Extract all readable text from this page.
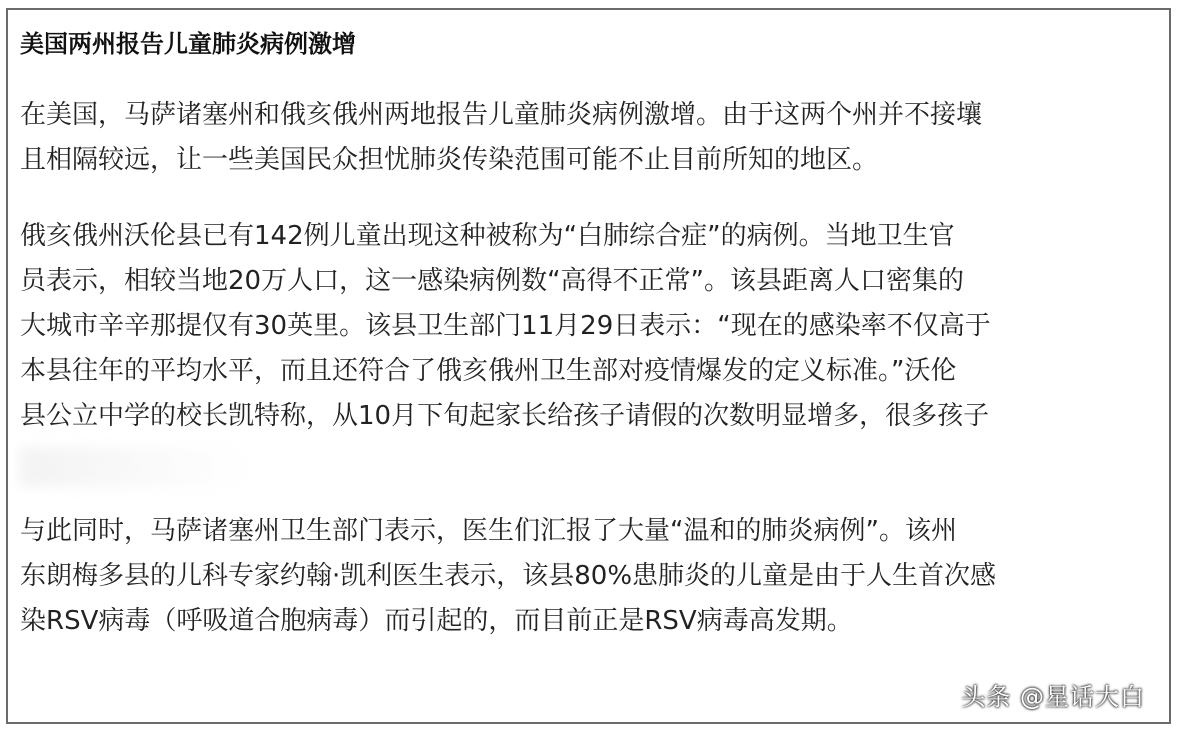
美国两州报告儿童肺炎病例激增

在美国，马萨诸塞州和俄亥俄州两地报告儿童肺炎病例激增。由于这两个州并不接壤
且相隔较远，让一些美国民众担忧肺炎传染范围可能不止目前所知的地区。

俄亥俄州沃伦县已有142例儿童出现这种被称为“白肺综合症”的病例。当地卫生官
员表示，相较当地20万人口，这一感染病例数“高得不正常”。该县距离人口密集的
大城市辛辛那提仅有30英里。该县卫生部门11月29日表示：“现在的感染率不仅高于
本县往年的平均水平，而且还符合了俄亥俄州卫生部对疫情爆发的定义标准。”沃伦
县公立中学的校长凯特称，从10月下旬起家长给孩子请假的次数明显增多，很多孩子

与此同时，马萨诸塞州卫生部门表示，医生们汇报了大量“温和的肺炎病例”。该州
东朗梅多县的儿科专家约翰·凯利医生表示，该县80%患肺炎的儿童是由于人生首次感
染RSV病毒（呼吸道合胞病毒）而引起的，而目前正是RSV病毒高发期。

头条 @星话大白
